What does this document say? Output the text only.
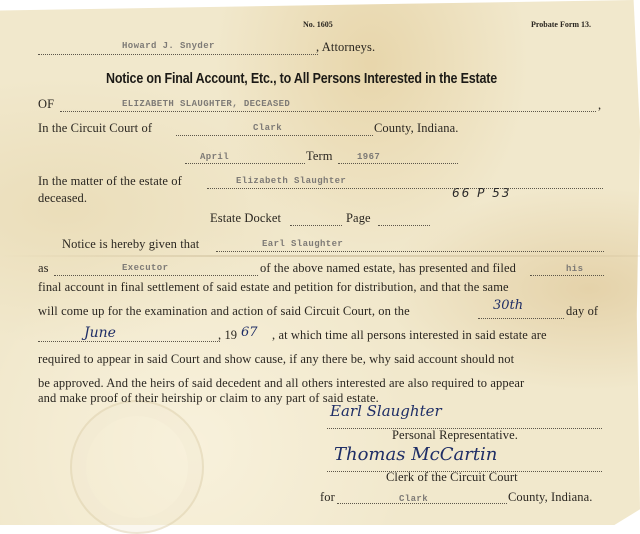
No. 1605	Probate Form 13.
Howard J. Snyder	, Attorneys.
Notice on Final Account, Etc., to All Persons Interested in the Estate
OF	ELIZABETH SLAUGHTER, DECEASED	,
In the Circuit Court of	Clark	County, Indiana.
April	Term	1967
In the matter of the estate of	Elizabeth Slaughter
deceased.	66 P 53
Estate Docket	Page
Notice is hereby given that	Earl Slaughter
as	Executor	of the above named estate, has presented and filed	his
final account in final settlement of said estate and petition for distribution, and that the same
will come up for the examination and action of said Circuit Court, on the	30th	day of
June	, 19 67 , at which time all persons interested in said estate are
required to appear in said Court and show cause, if any there be, why said account should not
be approved. And the heirs of said decedent and all others interested are also required to appear
and make proof of their heirship or claim to any part of said estate.
Earl Slaughter
Personal Representative.
Thomas McCartin
Clerk of the Circuit Court
for	Clark	County, Indiana.
